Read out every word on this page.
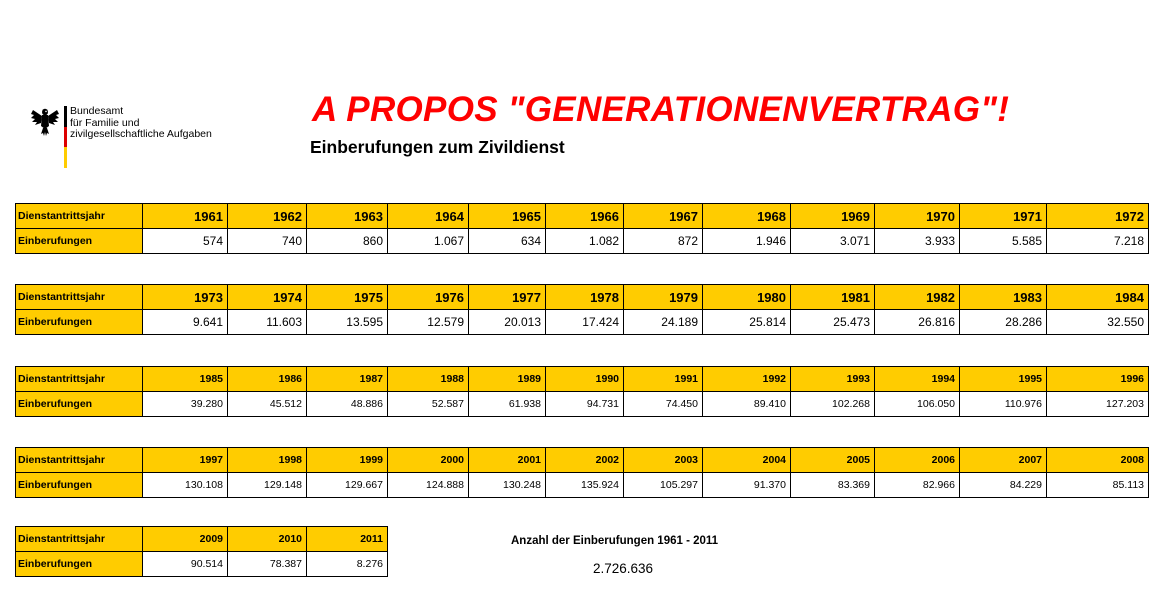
Bundesamt
für Familie und
zivilgesellschaftliche Aufgaben
A PROPOS "GENERATIONENVERTRAG"!
Einberufungen zum Zivildienst
Dienstantrittsjahr	1961	1962	1963	1964	1965	1966	1967	1968	1969	1970	1971	1972
Einberufungen	574	740	860	1.067	634	1.082	872	1.946	3.071	3.933	5.585	7.218
Dienstantrittsjahr	1973	1974	1975	1976	1977	1978	1979	1980	1981	1982	1983	1984
Einberufungen	9.641	11.603	13.595	12.579	20.013	17.424	24.189	25.814	25.473	26.816	28.286	32.550
Dienstantrittsjahr	1985	1986	1987	1988	1989	1990	1991	1992	1993	1994	1995	1996
Einberufungen	39.280	45.512	48.886	52.587	61.938	94.731	74.450	89.410	102.268	106.050	110.976	127.203
Dienstantrittsjahr	1997	1998	1999	2000	2001	2002	2003	2004	2005	2006	2007	2008
Einberufungen	130.108	129.148	129.667	124.888	130.248	135.924	105.297	91.370	83.369	82.966	84.229	85.113
Dienstantrittsjahr	2009	2010	2011
Einberufungen	90.514	78.387	8.276
Anzahl der Einberufungen 1961 - 2011
2.726.636
